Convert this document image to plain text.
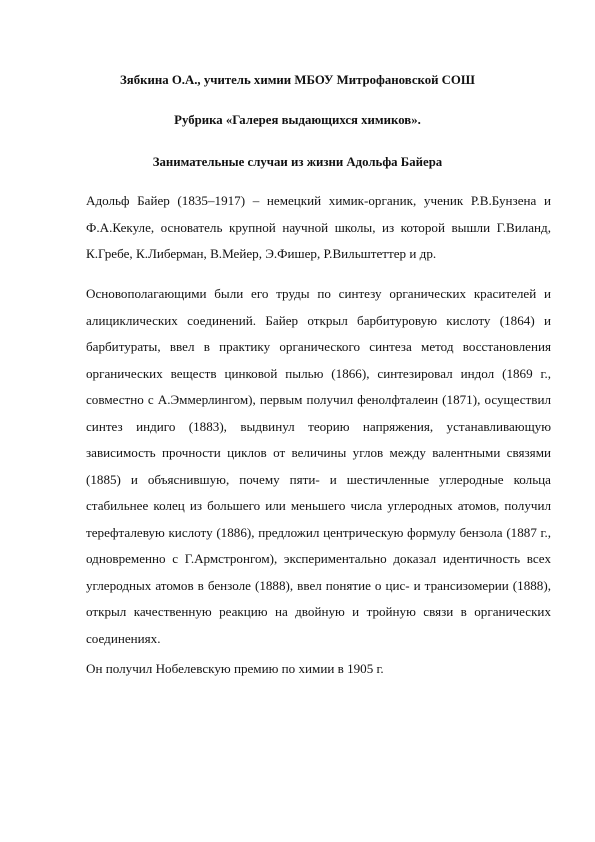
Зябкина О.А., учитель химии МБОУ Митрофановской СОШ
Рубрика «Галерея выдающихся химиков».
Занимательные случаи из жизни Адольфа Байера
Адольф Байер (1835–1917) – немецкий химик-органик, ученик Р.В.Бунзена и Ф.А.Кекуле, основатель крупной научной школы, из которой вышли Г.Виланд, К.Гребе, К.Либерман, В.Мейер, Э.Фишер, Р.Вильштеттер и др.
Основополагающими были его труды по синтезу органических красителей и алициклических соединений. Байер открыл барбитуровую кислоту (1864) и барбитураты, ввел в практику органического синтеза метод восстановления органических веществ цинковой пылью (1866), синтезировал индол (1869 г., совместно с А.Эммерлингом), первым получил фенолфталеин (1871), осуществил синтез индиго (1883), выдвинул теорию напряжения, устанавливающую зависимость прочности циклов от величины углов между валентными связями (1885) и объяснившую, почему пяти- и шестичленные углеродные кольца стабильнее колец из большего или меньшего числа углеродных атомов, получил терефталевую кислоту (1886), предложил центрическую формулу бензола (1887 г., одновременно с Г.Армстронгом), экспериментально доказал идентичность всех углеродных атомов в бензоле (1888), ввел понятие о цис- и трансизомерии (1888), открыл качественную реакцию на двойную и тройную связи в органических соединениях.
Он получил Нобелевскую премию по химии в 1905 г.
